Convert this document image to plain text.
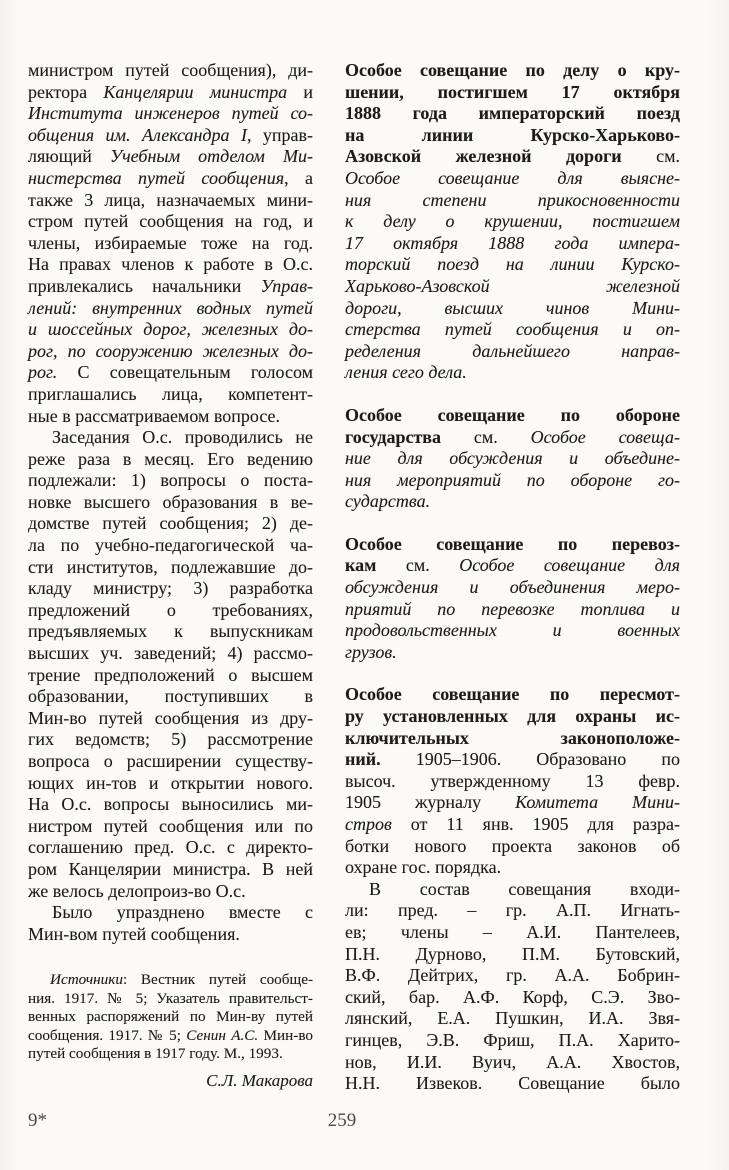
министром путей сообщения), ди-
ректора Канцелярии министра и
Института инженеров путей со-
общения им. Александра I, управ-
ляющий Учебным отделом Ми-
нистерства путей сообщения, а
также 3 лица, назначаемых мини-
стром путей сообщения на год, и
члены, избираемые тоже на год.
На правах членов к работе в О.с.
привлекались начальники Управ-
лений: внутренних водных путей
и шоссейных дорог, железных до-
рог, по сооружению железных до-
рог. С совещательным голосом
приглашались лица, компетент-
ные в рассматриваемом вопросе.
Заседания О.с. проводились не
реже раза в месяц. Его ведению
подлежали: 1) вопросы о поста-
новке высшего образования в ве-
домстве путей сообщения; 2) де-
ла по учебно-педагогической ча-
сти институтов, подлежавшие до-
кладу министру; 3) разработка
предложений о требованиях,
предъявляемых к выпускникам
высших уч. заведений; 4) рассмо-
трение предположений о высшем
образовании, поступивших в
Мин-во путей сообщения из дру-
гих ведомств; 5) рассмотрение
вопроса о расширении существу-
ющих ин-тов и открытии нового.
На О.с. вопросы выносились ми-
нистром путей сообщения или по
соглашению пред. О.с. с директо-
ром Канцелярии министра. В ней
же велось делопроиз-во О.с.
Было упразднено вместе с
Мин-вом путей сообщения.
Источники: Вестник путей сообще-
ния. 1917. № 5; Указатель правительст-
венных распоряжений по Мин-ву путей
сообщения. 1917. № 5; Сенин А.С. Мин-во
путей сообщения в 1917 году. М., 1993.
С.Л. Макарова
Особое совещание по делу о кру-
шении, постигшем 17 октября
1888 года императорский поезд
на линии Курско-Харьково-
Азовской железной дороги см.
Особое совещание для выясне-
ния степени прикосновенности
к делу о крушении, постигшем
17 октября 1888 года импера-
торский поезд на линии Курско-
Харьково-Азовской железной
дороги, высших чинов Мини-
стерства путей сообщения и оп-
ределения дальнейшего направ-
ления сего дела.
Особое совещание по обороне
государства см. Особое совеща-
ние для обсуждения и объедине-
ния мероприятий по обороне го-
сударства.
Особое совещание по перевоз-
кам см. Особое совещание для
обсуждения и объединения меро-
приятий по перевозке топлива и
продовольственных и военных
грузов.
Особое совещание по пересмот-
ру установленных для охраны ис-
ключительных законоположе-
ний. 1905–1906. Образовано по
высоч. утвержденному 13 февр.
1905 журналу Комитета Мини-
стров от 11 янв. 1905 для разра-
ботки нового проекта законов об
охране гос. порядка.
В состав совещания входи-
ли: пред. – гр. А.П. Игнать-
ев; члены – А.И. Пантелеев,
П.Н. Дурново, П.М. Бутовский,
В.Ф. Дейтрих, гр. А.А. Бобрин-
ский, бар. А.Ф. Корф, С.Э. Зво-
лянский, Е.А. Пушкин, И.А. Звя-
гинцев, Э.В. Фриш, П.А. Харито-
нов, И.И. Вуич, А.А. Хвостов,
Н.Н. Извеков. Совещание было
9*	259
